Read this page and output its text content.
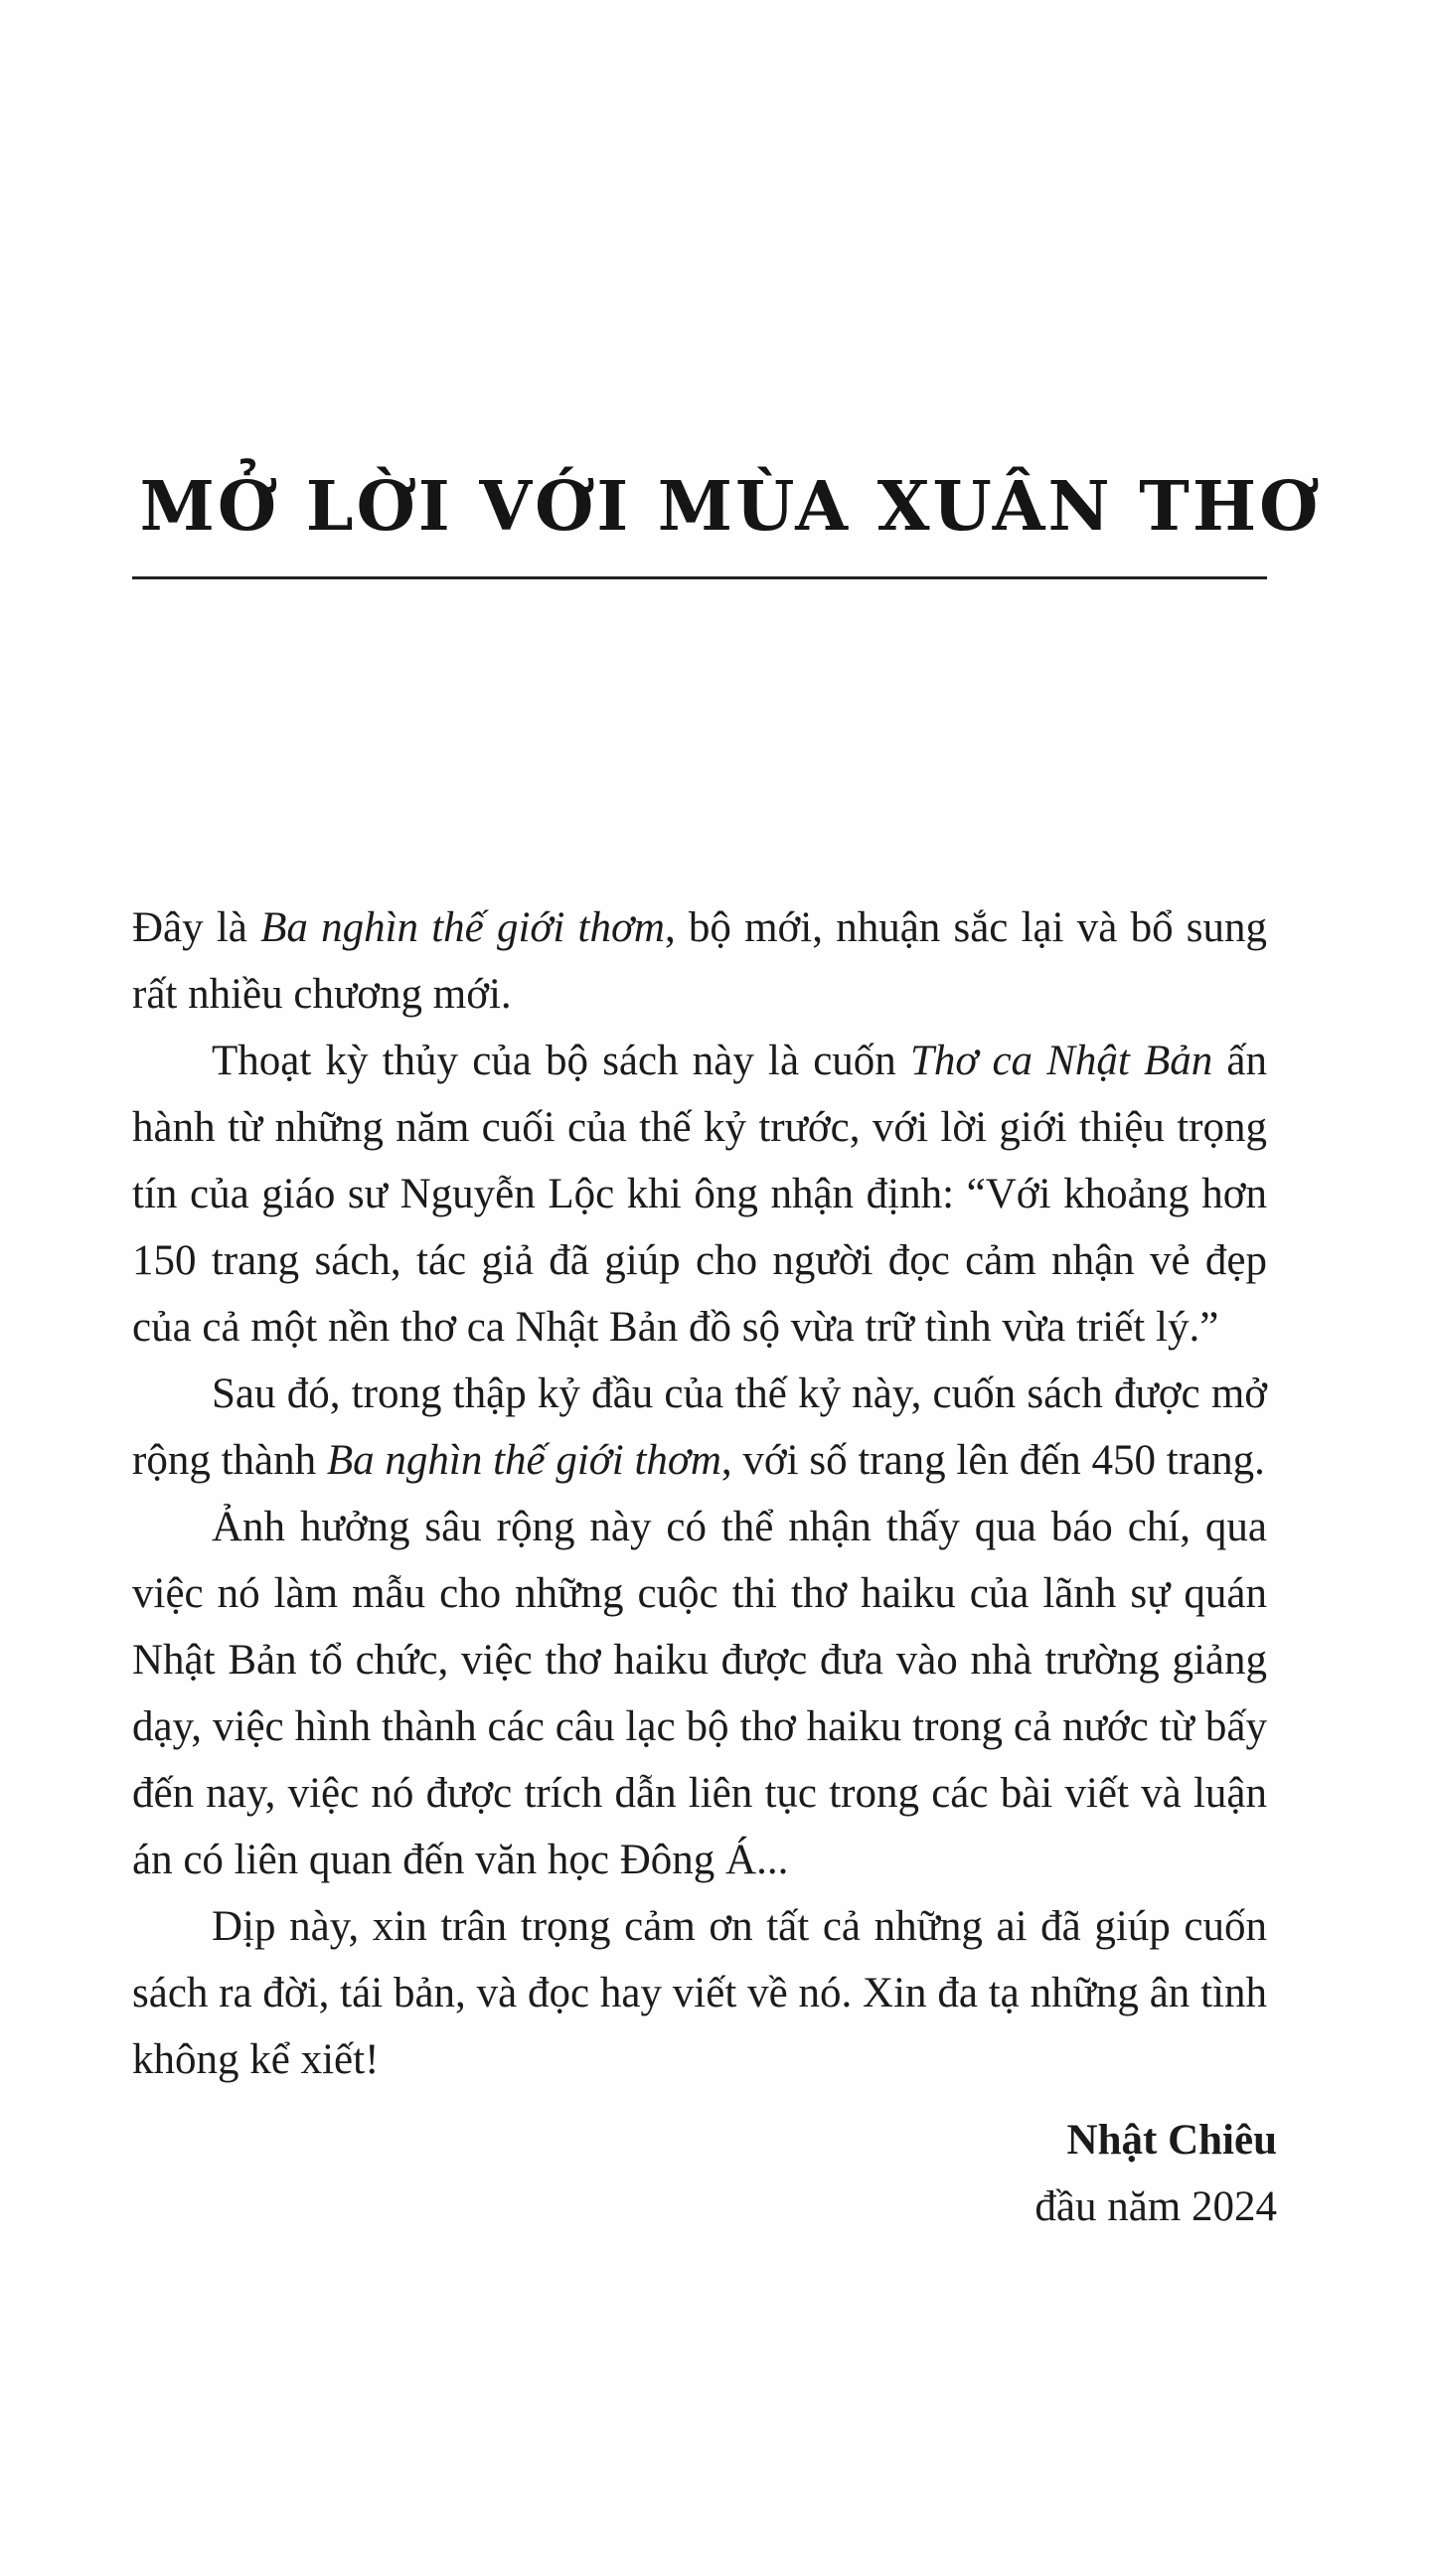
MỞ LỜI VỚI MÙA XUÂN THƠ

Đây là Ba nghìn thế giới thơm, bộ mới, nhuận sắc lại và bổ sung rất nhiều chương mới.

Thoạt kỳ thủy của bộ sách này là cuốn Thơ ca Nhật Bản ấn hành từ những năm cuối của thế kỷ trước, với lời giới thiệu trọng tín của giáo sư Nguyễn Lộc khi ông nhận định: “Với khoảng hơn 150 trang sách, tác giả đã giúp cho người đọc cảm nhận vẻ đẹp của cả một nền thơ ca Nhật Bản đồ sộ vừa trữ tình vừa triết lý.”

Sau đó, trong thập kỷ đầu của thế kỷ này, cuốn sách được mở rộng thành Ba nghìn thế giới thơm, với số trang lên đến 450 trang.

Ảnh hưởng sâu rộng này có thể nhận thấy qua báo chí, qua việc nó làm mẫu cho những cuộc thi thơ haiku của lãnh sự quán Nhật Bản tổ chức, việc thơ haiku được đưa vào nhà trường giảng dạy, việc hình thành các câu lạc bộ thơ haiku trong cả nước từ bấy đến nay, việc nó được trích dẫn liên tục trong các bài viết và luận án có liên quan đến văn học Đông Á...

Dịp này, xin trân trọng cảm ơn tất cả những ai đã giúp cuốn sách ra đời, tái bản, và đọc hay viết về nó. Xin đa tạ những ân tình không kể xiết!

Nhật Chiêu
đầu năm 2024
